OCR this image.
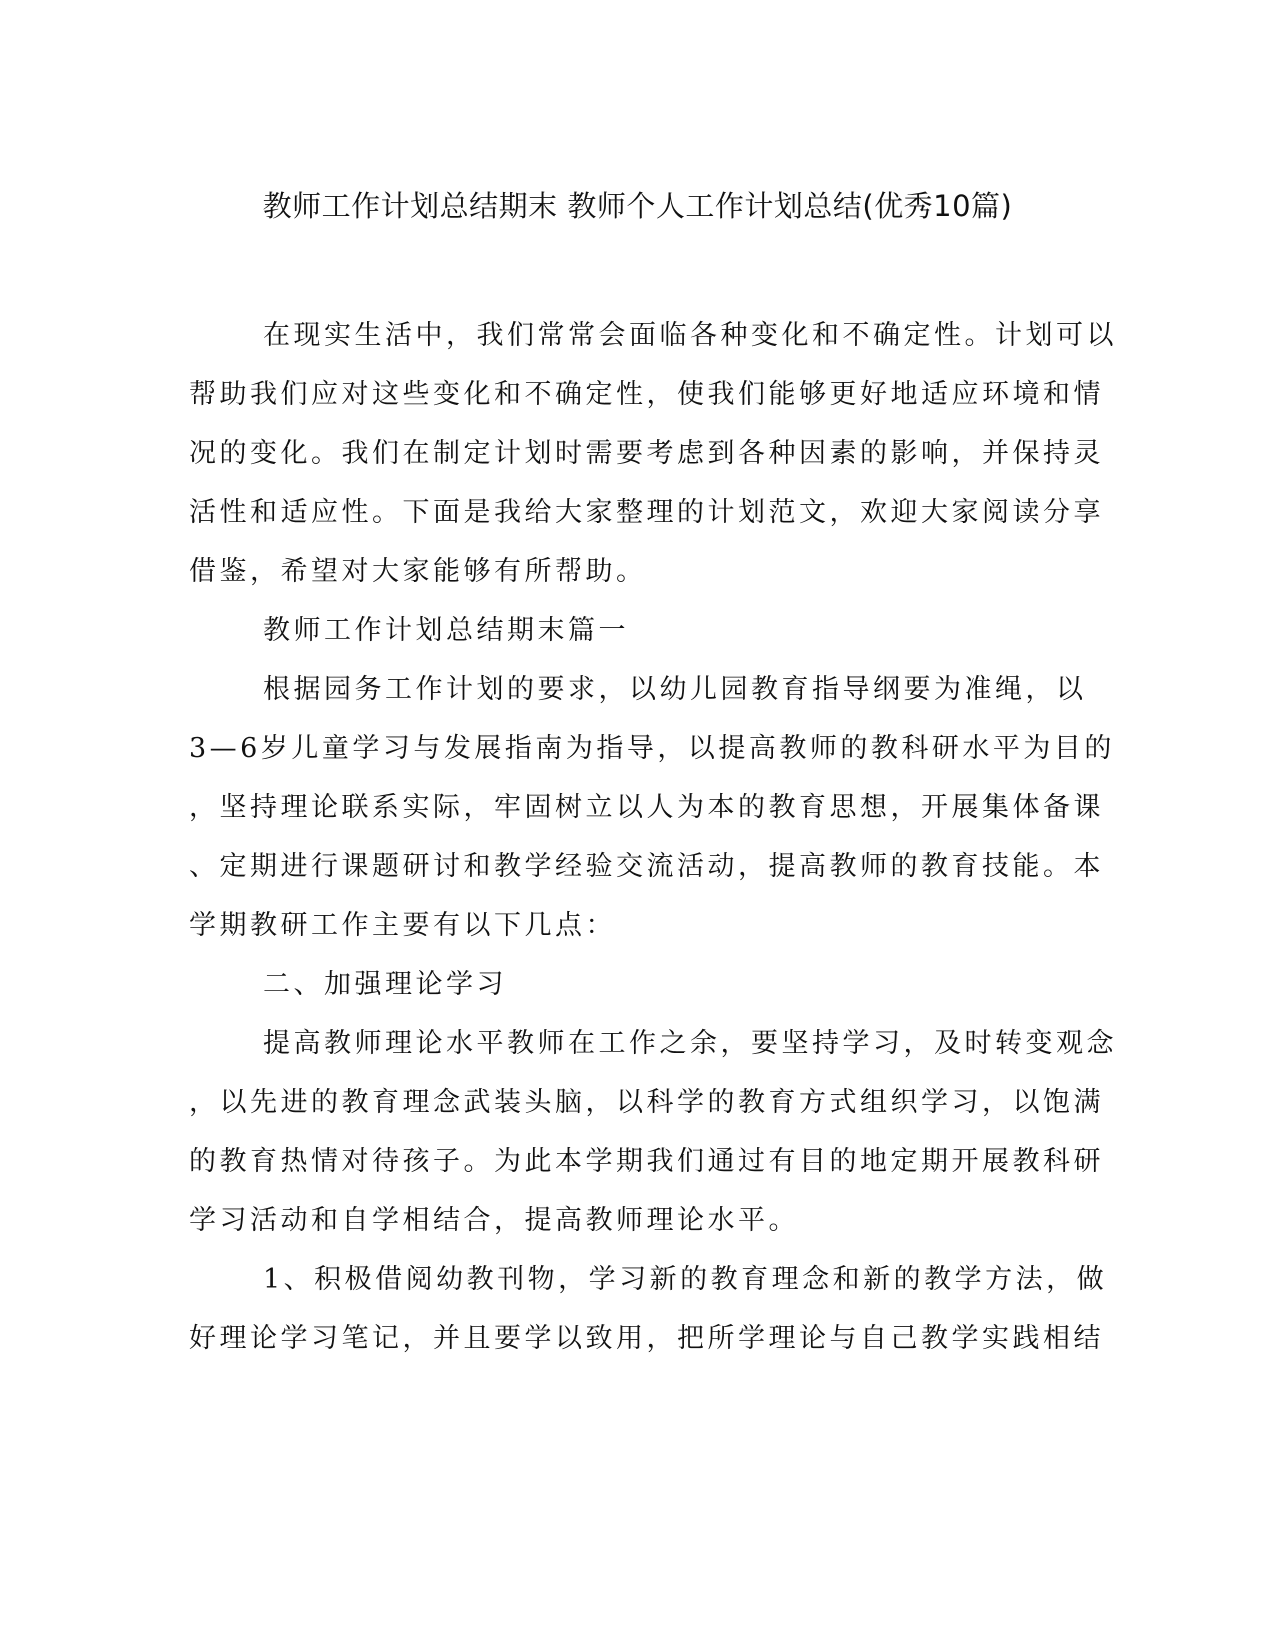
教师工作计划总结期末 教师个人工作计划总结(优秀10篇)

在现实生活中，我们常常会面临各种变化和不确定性。计划可以

帮助我们应对这些变化和不确定性，使我们能够更好地适应环境和情

况的变化。我们在制定计划时需要考虑到各种因素的影响，并保持灵

活性和适应性。下面是我给大家整理的计划范文，欢迎大家阅读分享

借鉴，希望对大家能够有所帮助。

教师工作计划总结期末篇一

根据园务工作计划的要求，以幼儿园教育指导纲要为准绳，以

3—6岁儿童学习与发展指南为指导，以提高教师的教科研水平为目的

，坚持理论联系实际，牢固树立以人为本的教育思想，开展集体备课

、定期进行课题研讨和教学经验交流活动，提高教师的教育技能。本

学期教研工作主要有以下几点：

二、加强理论学习

提高教师理论水平教师在工作之余，要坚持学习，及时转变观念

，以先进的教育理念武装头脑，以科学的教育方式组织学习，以饱满

的教育热情对待孩子。为此本学期我们通过有目的地定期开展教科研

学习活动和自学相结合，提高教师理论水平。

1、积极借阅幼教刊物，学习新的教育理念和新的教学方法，做

好理论学习笔记，并且要学以致用，把所学理论与自己教学实践相结
